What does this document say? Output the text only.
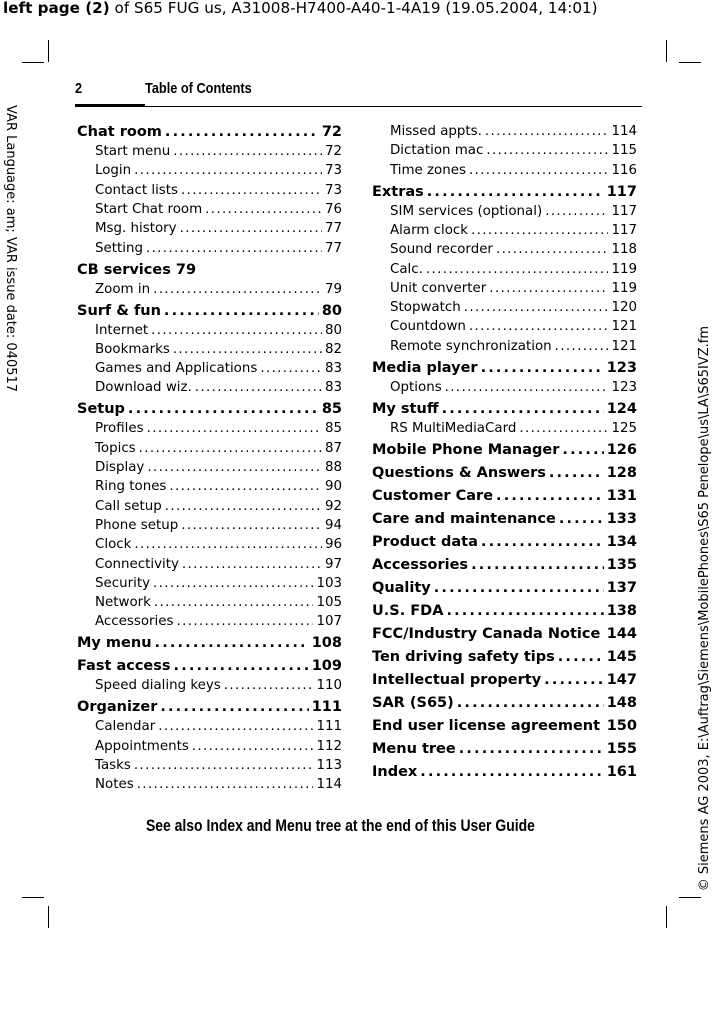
left page (2) of S65 FUG us, A31008-H7400-A40-1-4A19 (19.05.2004, 14:01)
VAR Language: am; VAR issue date: 040517
© Siemens AG 2003, E:\Auftrag\Siemens\MobilePhones\S65 Penelope\us\LA\S65IVZ.fm
2	Table of Contents
Chat room . . .	72
Start menu . . .	72
Login . . .	73
Contact lists . . .	73
Start Chat room . . .	76
Msg. history . . .	77
Setting . . .	77
CB services 79
Zoom in . . .	79
Surf & fun . . .	80
Internet . . .	80
Bookmarks . . .	82
Games and Applications . . .	83
Download wiz. . . .	83
Setup . . .	85
Profiles . . .	85
Topics . . .	87
Display . . .	88
Ring tones . . .	90
Call setup . . .	92
Phone setup . . .	94
Clock . . .	96
Connectivity . . .	97
Security . . .	103
Network . . .	105
Accessories . . .	107
My menu . . .	108
Fast access . . .	109
Speed dialing keys . . .	110
Organizer . . .	111
Calendar . . .	111
Appointments . . .	112
Tasks . . .	113
Notes . . .	114
Missed appts. . . .	114
Dictation mac . . .	115
Time zones . . .	116
Extras . . .	117
SIM services (optional) . . .	117
Alarm clock . . .	117
Sound recorder . . .	118
Calc. . . .	119
Unit converter . . .	119
Stopwatch . . .	120
Countdown . . .	121
Remote synchronization . . .	121
Media player . . .	123
Options . . .	123
My stuff . . .	124
RS MultiMediaCard . . .	125
Mobile Phone Manager . . .	126
Questions & Answers . . .	128
Customer Care . . .	131
Care and maintenance . . .	133
Product data . . .	134
Accessories . . .	135
Quality . . .	137
U.S. FDA . . .	138
FCC/Industry Canada Notice . . . 144
Ten driving safety tips . . .	145
Intellectual property . . .	147
SAR (S65) . . .	148
End user license agreement . . . 150
Menu tree . . .	155
Index . . .	161
See also Index and Menu tree at the end of this User Guide
